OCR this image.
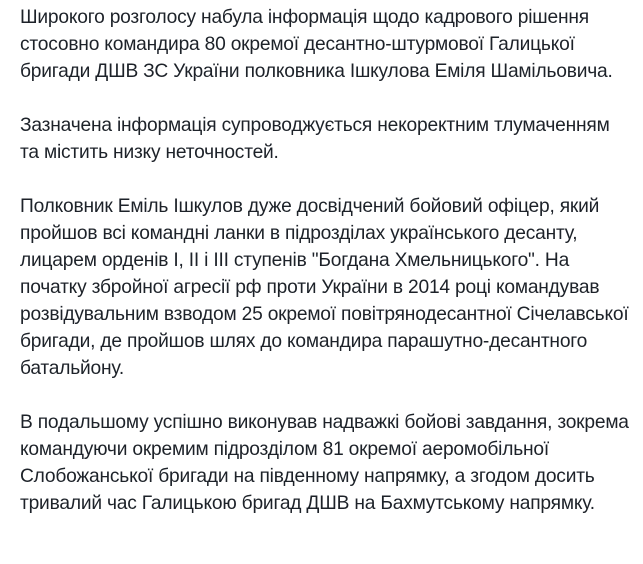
Широкого розголосу набула інформація щодо кадрового рішення стосовно командира 80 окремої десантно-штурмової Галицької бригади ДШВ ЗС України полковника Ішкулова Еміля Шамільовича.

Зазначена інформація супроводжується некоректним тлумаченням та містить низку неточностей.

Полковник Еміль Ішкулов дуже досвідчений бойовий офіцер, який пройшов всі командні ланки в підрозділах українського десанту, лицарем орденів І, ІІ і ІІІ ступенів "Богдана Хмельницького". На початку збройної агресії рф проти України в 2014 році командував розвідувальним взводом 25 окремої повітрянодесантної Січелавської бригади, де пройшов шлях до командира парашутно-десантного батальйону.

В подальшому успішно виконував надважкі бойові завдання, зокрема командуючи окремим підрозділом 81 окремої аеромобільної Слобожанської бригади на південному напрямку, а згодом досить тривалий час Галицькою бригад ДШВ на Бахмутському напрямку.
